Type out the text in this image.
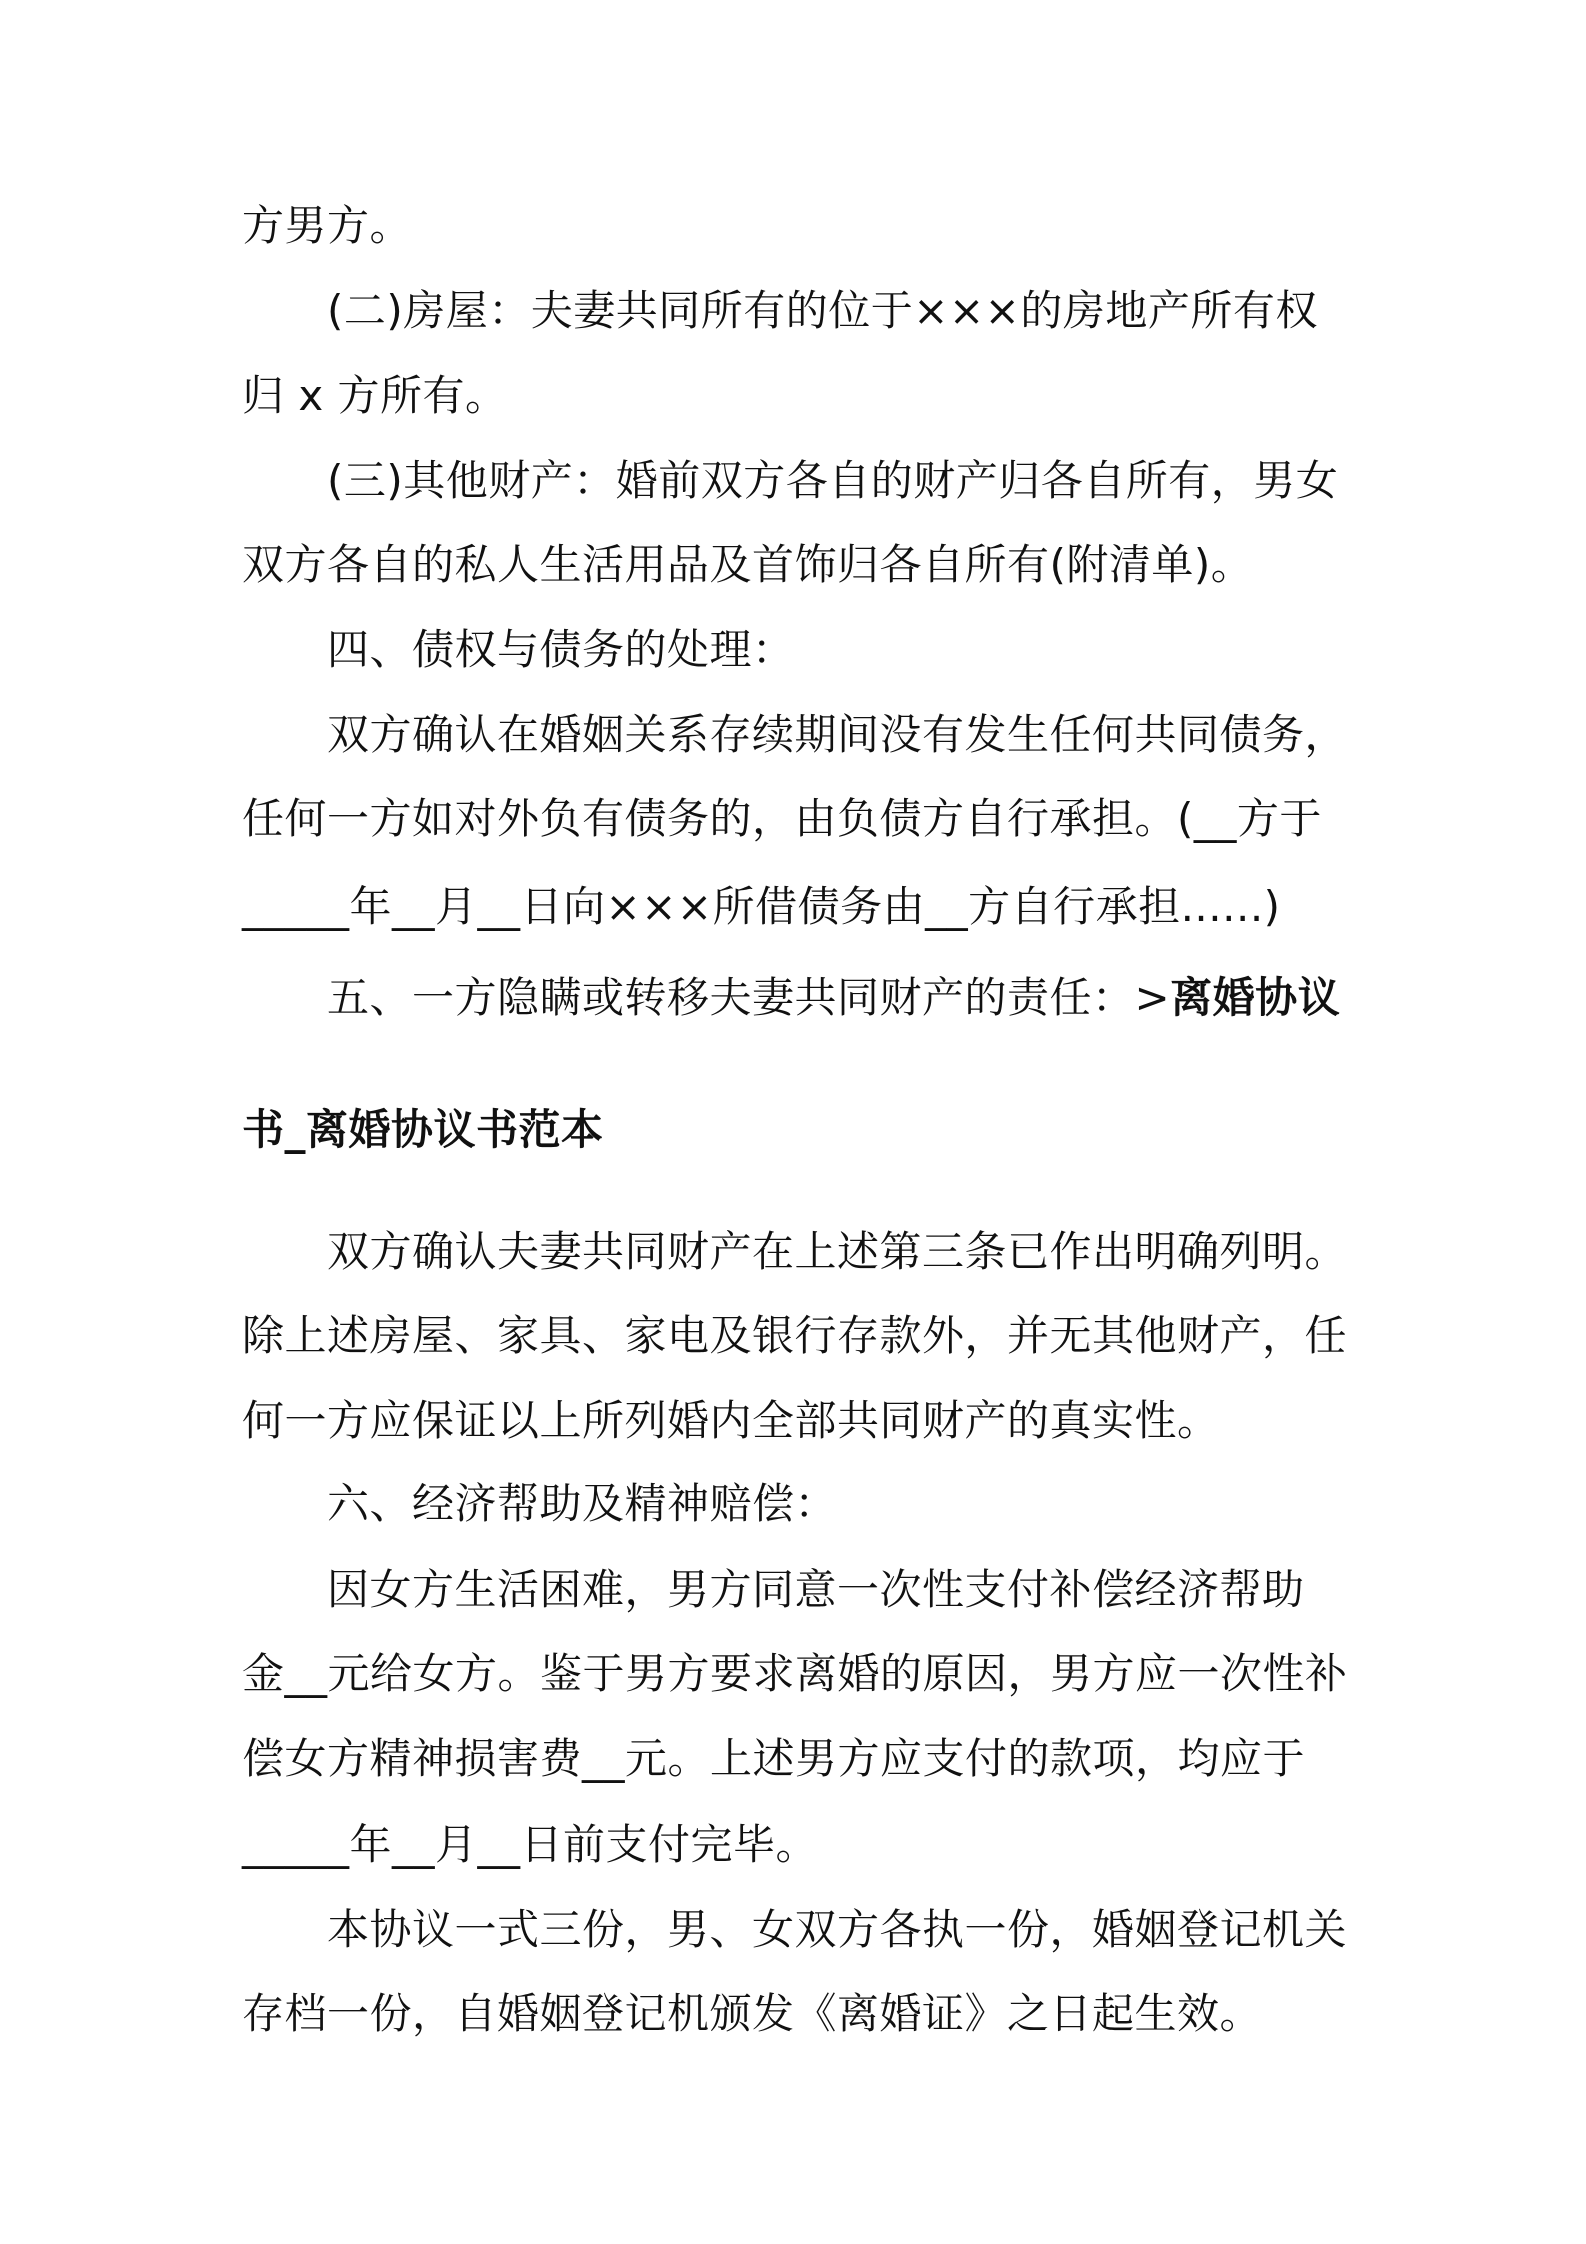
方男方。

(二)房屋：夫妻共同所有的位于×××的房地产所有权

归 x 方所有。

(三)其他财产：婚前双方各自的财产归各自所有，男女

双方各自的私人生活用品及首饰归各自所有(附清单)。

四、债权与债务的处理：

双方确认在婚姻关系存续期间没有发生任何共同债务，

任何一方如对外负有债务的，由负债方自行承担。(__方于

_____年__月__日向×××所借债务由__方自行承担......)

五、一方隐瞒或转移夫妻共同财产的责任：>离婚协议

书_离婚协议书范本

双方确认夫妻共同财产在上述第三条已作出明确列明。

除上述房屋、家具、家电及银行存款外，并无其他财产，任

何一方应保证以上所列婚内全部共同财产的真实性。

六、经济帮助及精神赔偿：

因女方生活困难，男方同意一次性支付补偿经济帮助

金__元给女方。鉴于男方要求离婚的原因，男方应一次性补

偿女方精神损害费__元。上述男方应支付的款项，均应于

_____年__月__日前支付完毕。

本协议一式三份，男、女双方各执一份，婚姻登记机关

存档一份，自婚姻登记机颁发《离婚证》之日起生效。
